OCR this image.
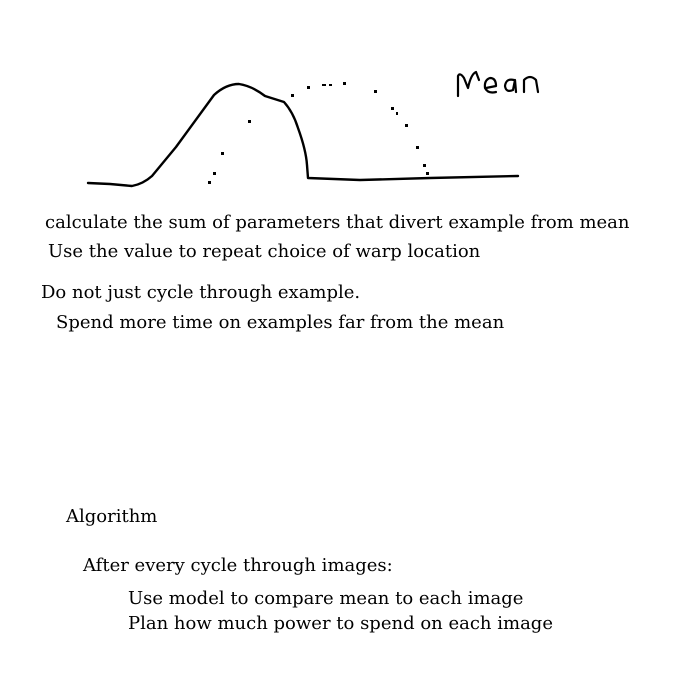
calculate the sum of parameters that divert example from mean
Use the value to repeat choice of warp location
Do not just cycle through example.
Spend more time on examples far from the mean
Algorithm
After every cycle through images:
Use model to compare mean to each image
Plan how much power to spend on each image
